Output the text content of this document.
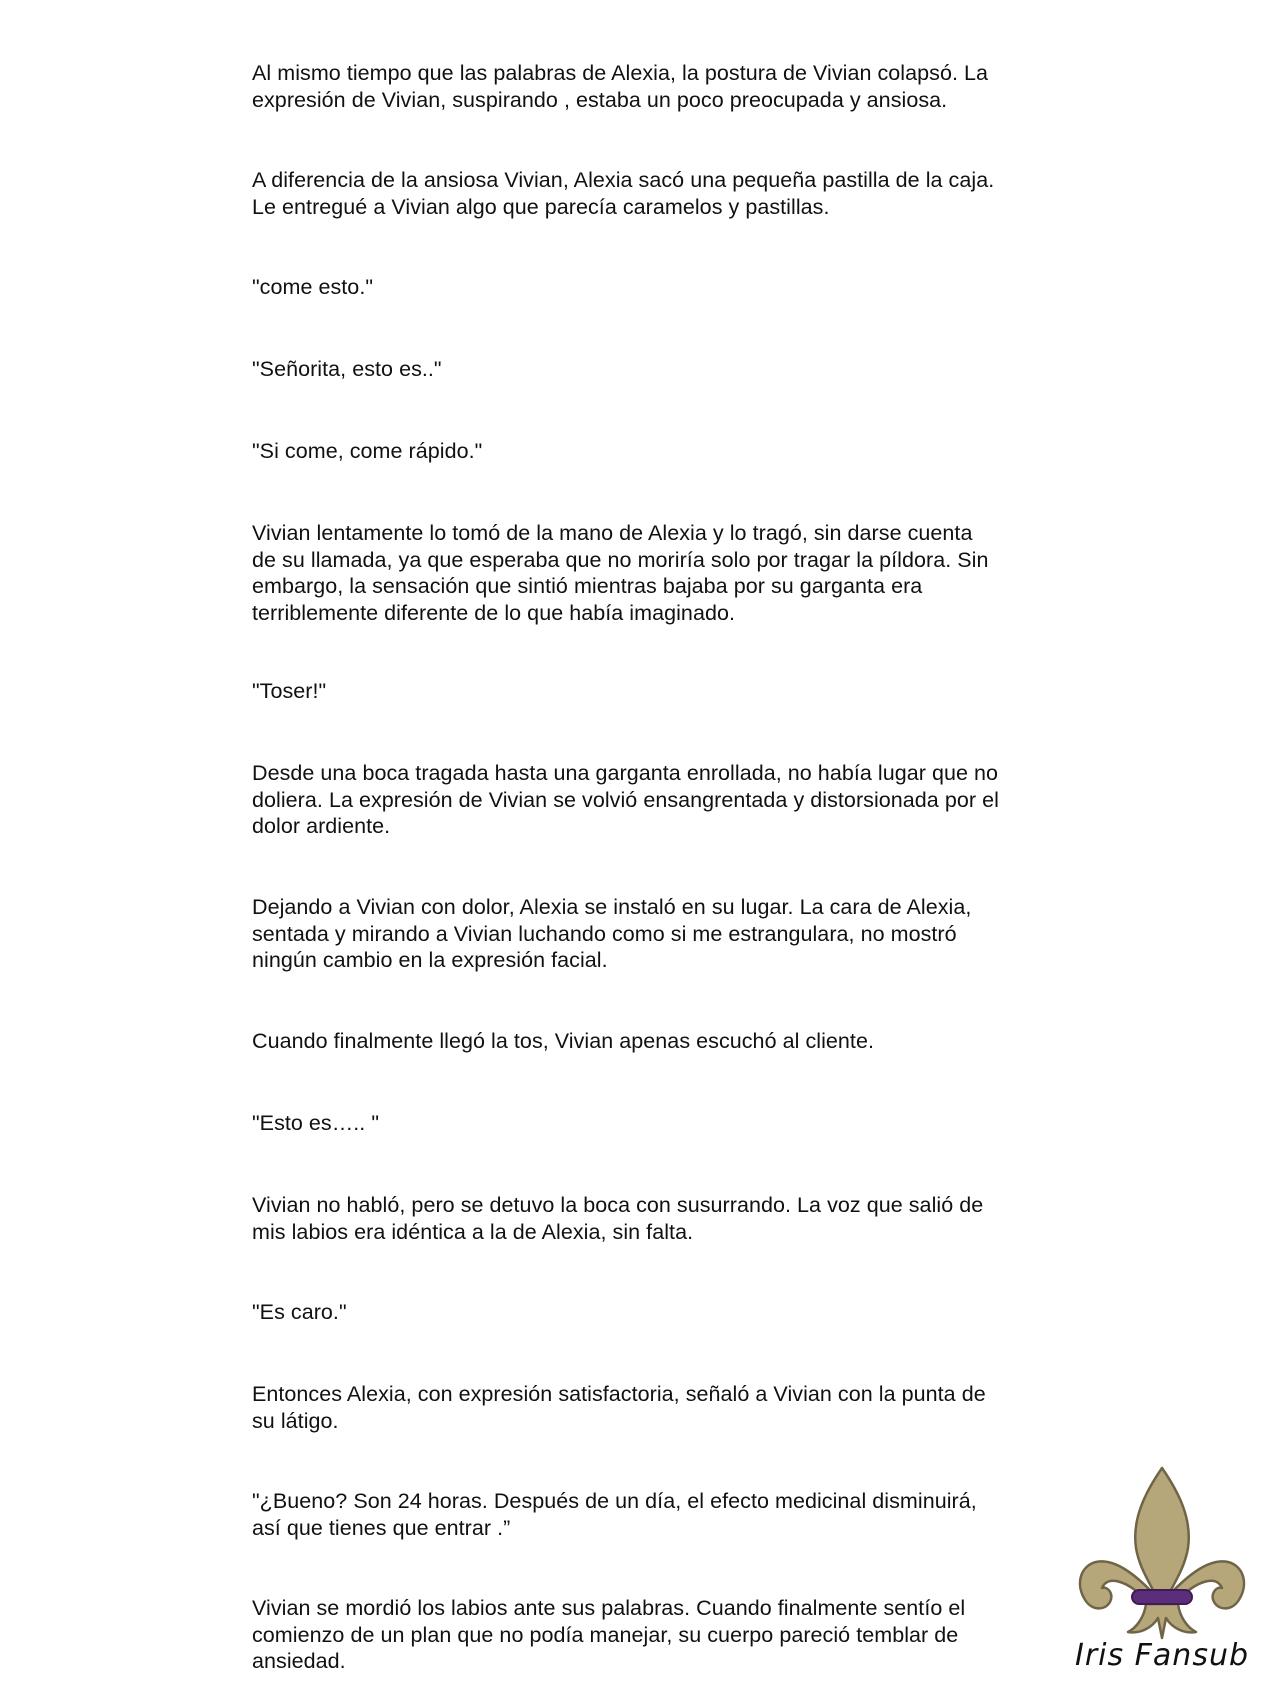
Al mismo tiempo que las palabras de Alexia, la postura de Vivian colapsó. La
expresión de Vivian, suspirando , estaba un poco preocupada y ansiosa.

A diferencia de la ansiosa Vivian, Alexia sacó una pequeña pastilla de la caja.
Le entregué a Vivian algo que parecía caramelos y pastillas.

"come esto."

"Señorita, esto es.."

"Si come, come rápido."

Vivian lentamente lo tomó de la mano de Alexia y lo tragó, sin darse cuenta
de su llamada, ya que esperaba que no moriría solo por tragar la píldora. Sin
embargo, la sensación que sintió mientras bajaba por su garganta era
terriblemente diferente de lo que había imaginado.

"Toser!"

Desde una boca tragada hasta una garganta enrollada, no había lugar que no
doliera. La expresión de Vivian se volvió ensangrentada y distorsionada por el
dolor ardiente.

Dejando a Vivian con dolor, Alexia se instaló en su lugar. La cara de Alexia,
sentada y mirando a Vivian luchando como si me estrangulara, no mostró
ningún cambio en la expresión facial.

Cuando finalmente llegó la tos, Vivian apenas escuchó al cliente.

"Esto es….. "

Vivian no habló, pero se detuvo la boca con susurrando. La voz que salió de
mis labios era idéntica a la de Alexia, sin falta.

"Es caro."

Entonces Alexia, con expresión satisfactoria, señaló a Vivian con la punta de
su látigo.

"¿Bueno? Son 24 horas. Después de un día, el efecto medicinal disminuirá,
así que tienes que entrar .”

Vivian se mordió los labios ante sus palabras. Cuando finalmente sentío el
comienzo de un plan que no podía manejar, su cuerpo pareció temblar de
ansiedad.	Iris Fansub
